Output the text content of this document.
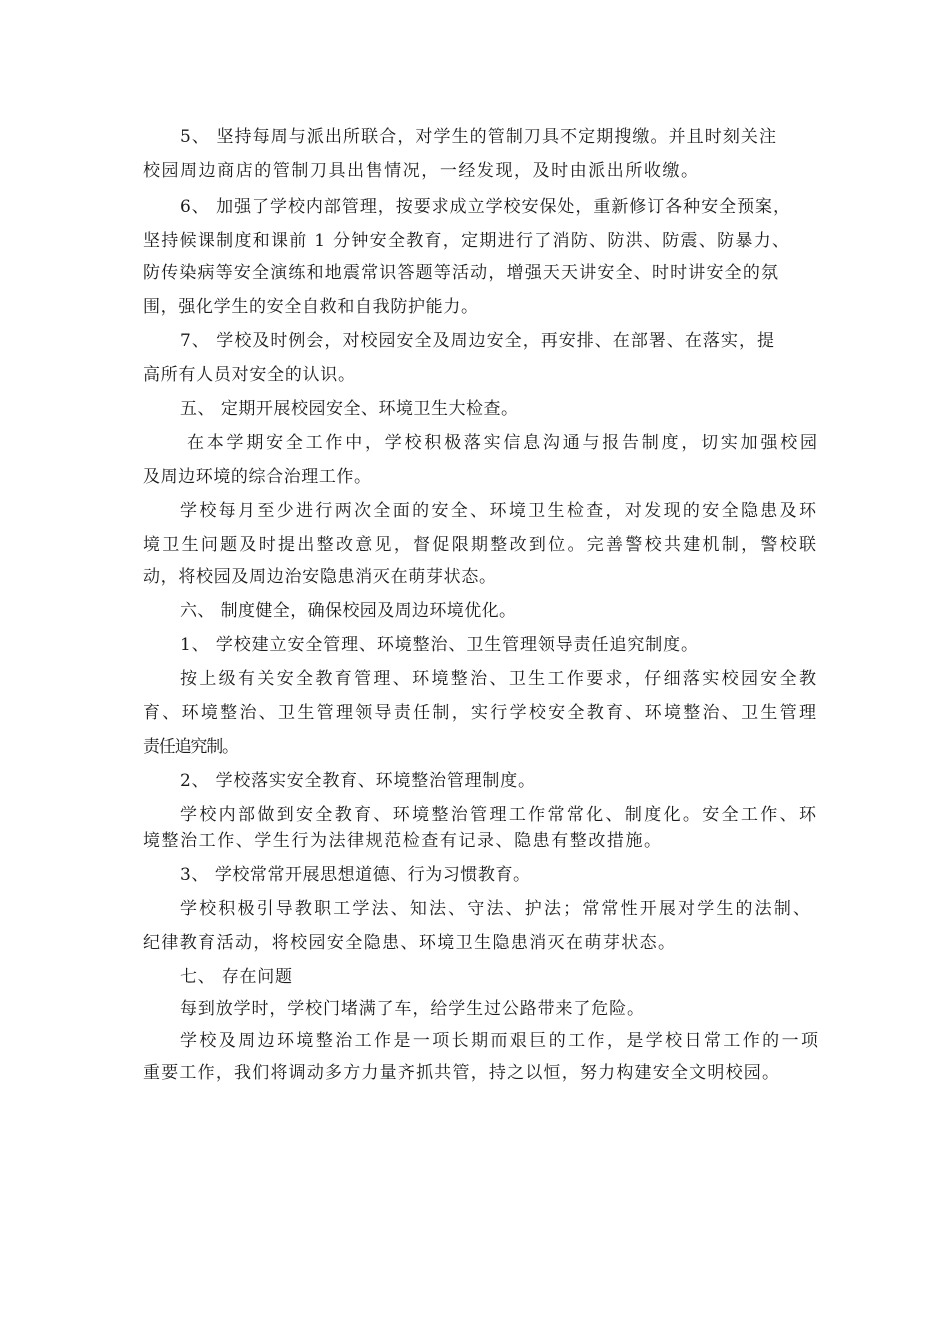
5、 坚持每周与派出所联合，对学生的管制刀具不定期搜缴。并且时刻关注
校园周边商店的管制刀具出售情况，一经发现，及时由派出所收缴。
6、 加强了学校内部管理，按要求成立学校安保处，重新修订各种安全预案，
坚持候课制度和课前 1 分钟安全教育，定期进行了消防、防洪、防震、防暴力、
防传染病等安全演练和地震常识答题等活动，增强天天讲安全、时时讲安全的氛
围，强化学生的安全自救和自我防护能力。
7、 学校及时例会，对校园安全及周边安全，再安排、在部署、在落实，提
高所有人员对安全的认识。
五、 定期开展校园安全、环境卫生大检查。
在本学期安全工作中，学校积极落实信息沟通与报告制度，切实加强校园
及周边环境的综合治理工作。
学校每月至少进行两次全面的安全、环境卫生检查，对发现的安全隐患及环
境卫生问题及时提出整改意见，督促限期整改到位。完善警校共建机制，警校联
动，将校园及周边治安隐患消灭在萌芽状态。
六、 制度健全，确保校园及周边环境优化。
1、 学校建立安全管理、环境整治、卫生管理领导责任追究制度。
按上级有关安全教育管理、环境整治、卫生工作要求，仔细落实校园安全教
育、环境整治、卫生管理领导责任制，实行学校安全教育、环境整治、卫生管理
责任追究制。
2、 学校落实安全教育、环境整治管理制度。
学校内部做到安全教育、环境整治管理工作常常化、制度化。安全工作、环
境整治工作、学生行为法律规范检查有记录、隐患有整改措施。
3、 学校常常开展思想道德、行为习惯教育。
学校积极引导教职工学法、知法、守法、护法；常常性开展对学生的法制、
纪律教育活动，将校园安全隐患、环境卫生隐患消灭在萌芽状态。
七、 存在问题
每到放学时，学校门堵满了车，给学生过公路带来了危险。
学校及周边环境整治工作是一项长期而艰巨的工作，是学校日常工作的一项
重要工作，我们将调动多方力量齐抓共管，持之以恒，努力构建安全文明校园。
